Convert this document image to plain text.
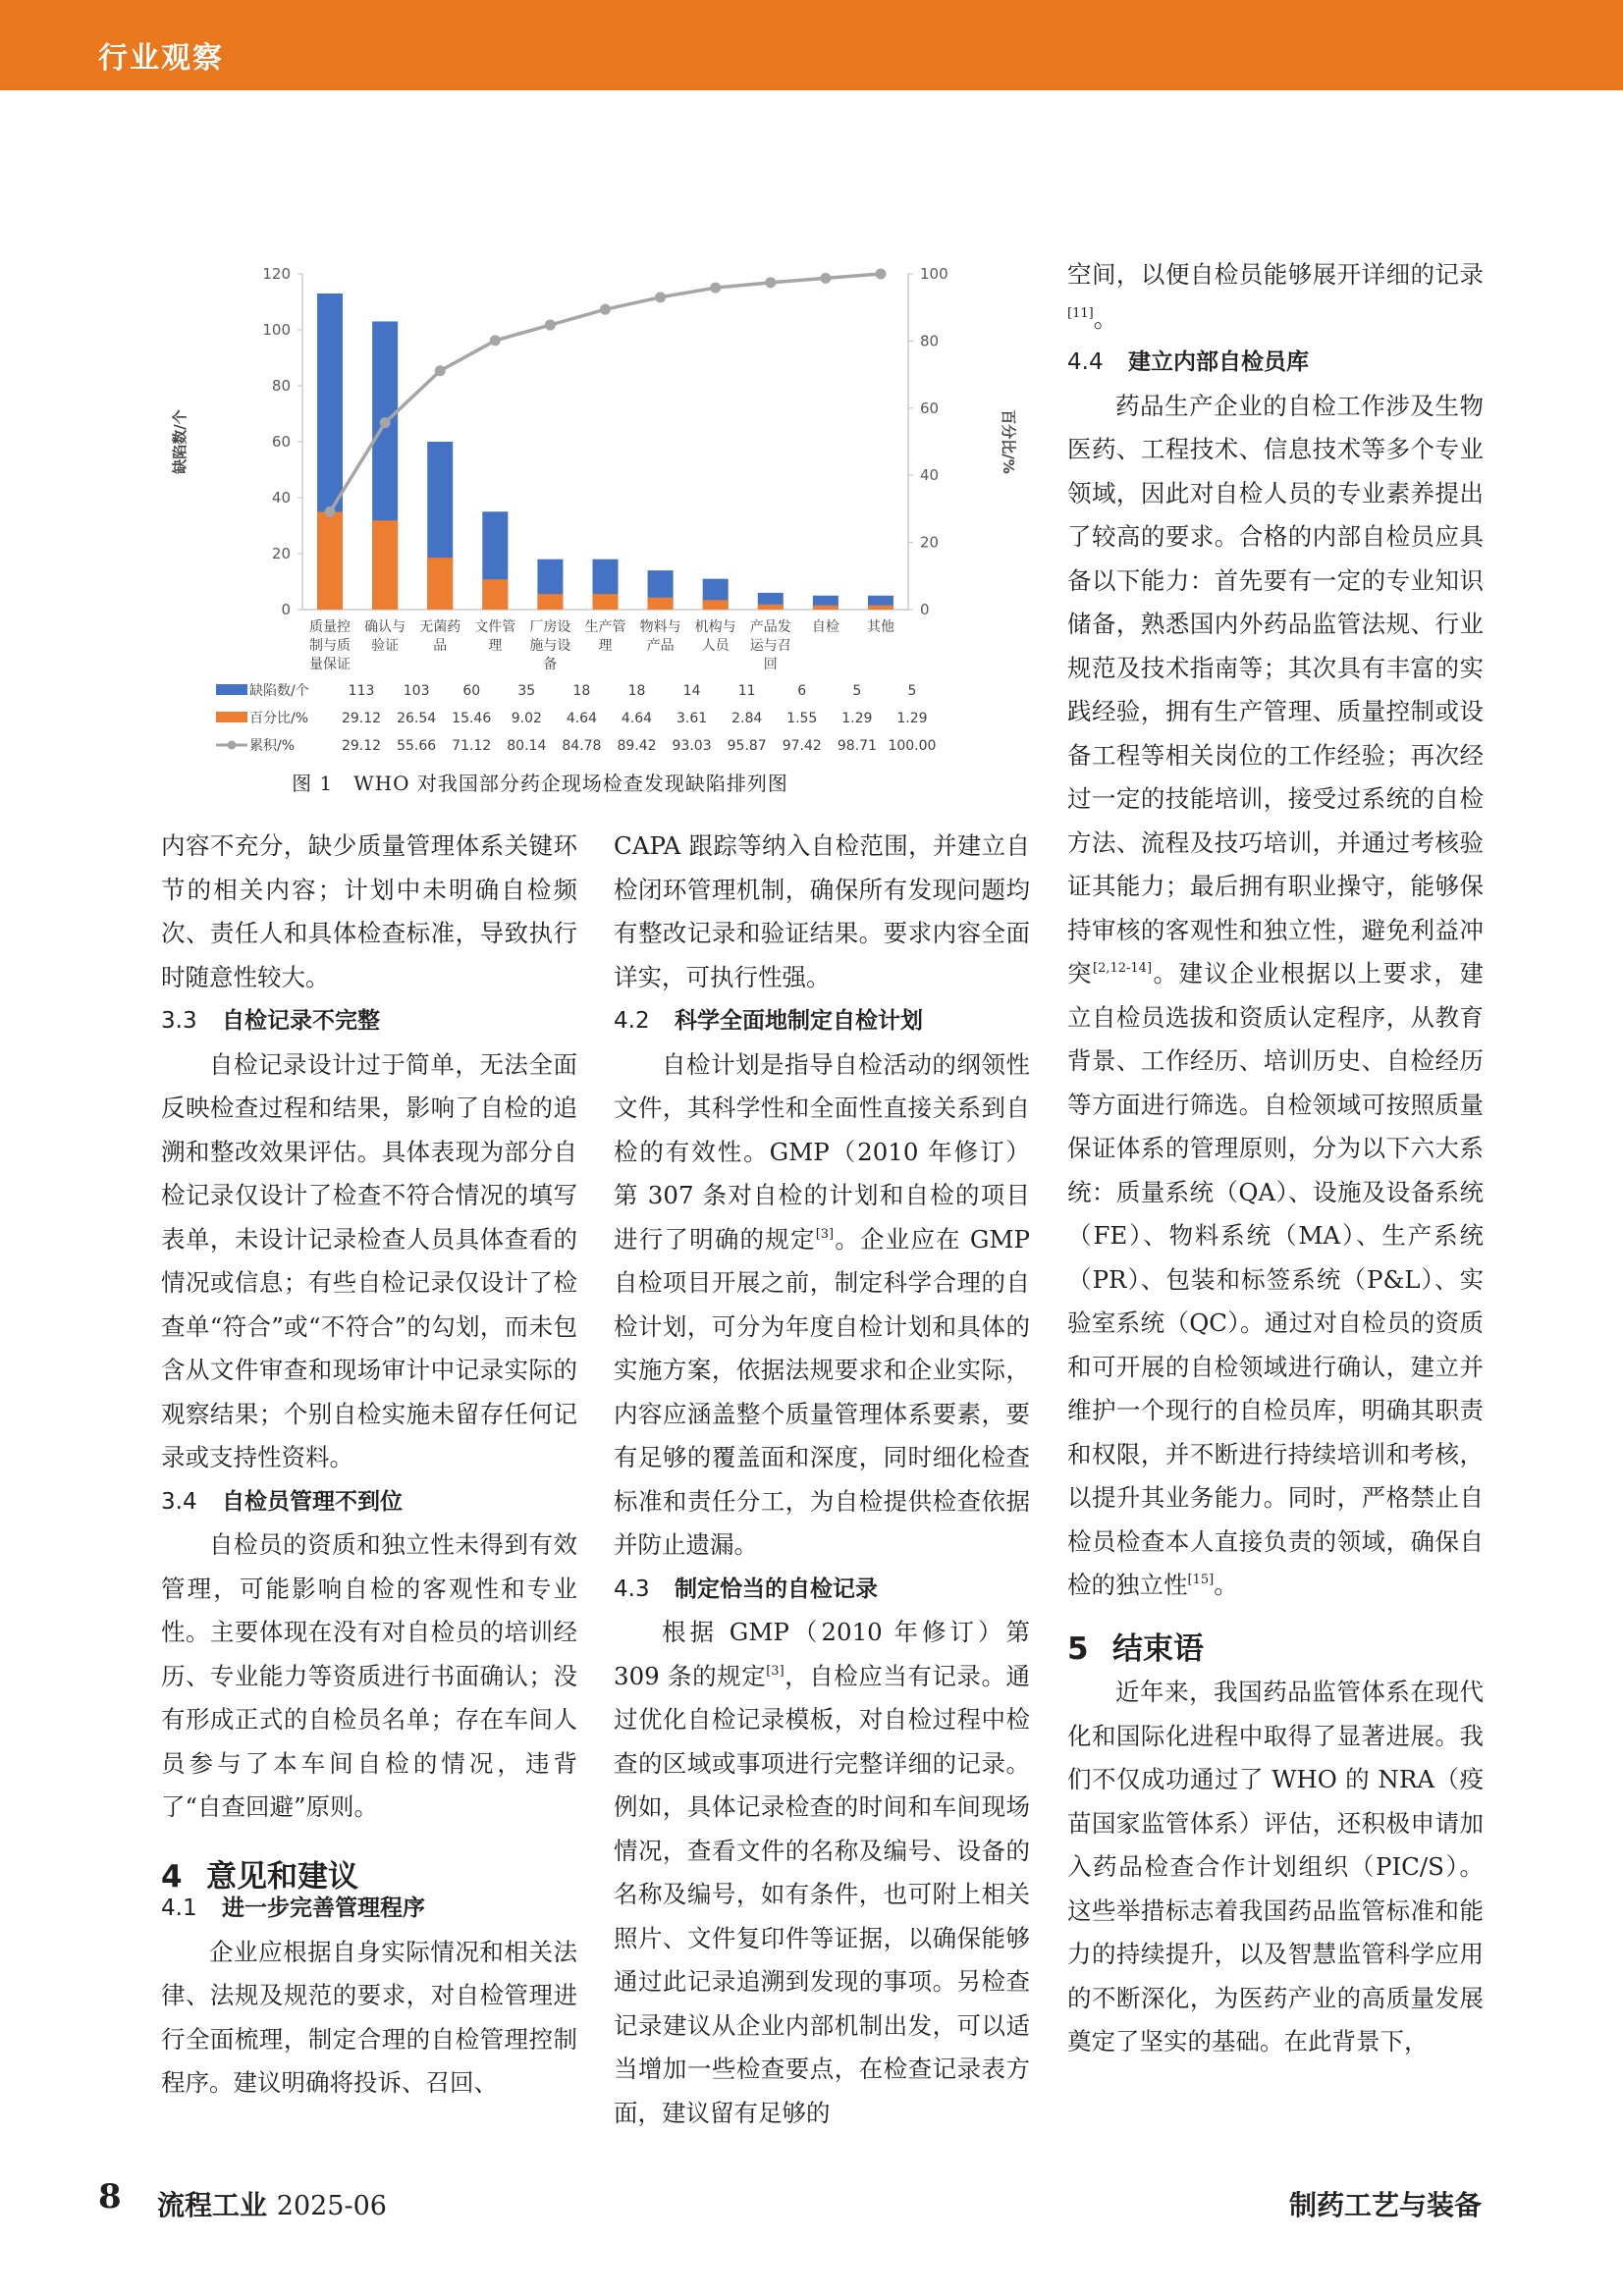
行业观察
0
20
40
60
80
100
120
0
20
40
60
80
100
缺陷数/个	百分比/%
质量控
制与质
量保证
确认与
验证
无菌药
品
文件管
理
厂房设
施与设
备
生产管
理
物料与
产品
机构与
人员
产品发
运与召
回
自检 其他
缺陷数/个	113 103 60	35	18	18	14	11	6	5	5
百分比/% 29.12 26.54 15.46 9.02 4.64 4.64 3.61 2.84 1.55 1.29 1.29
累积/%	29.12 55.66 71.12 80.14 84.78 89.42 93.03 95.87 97.42 98.71 100.00
图 1　WHO 对我国部分药企现场检查发现缺陷排列图

内容不充分，缺少质量管理体系关键环节的相关内容；计划中未明确自检频次、责任人和具体检查标准，导致执行时随意性较大。

3.3 自检记录不完整

自检记录设计过于简单，无法全面反映检查过程和结果，影响了自检的追溯和整改效果评估。具体表现为部分自检记录仅设计了检查不符合情况的填写表单，未设计记录检查人员具体查看的情况或信息；有些自检记录仅设计了检查单“符合”或“不符合”的勾划，而未包含从文件审查和现场审计中记录实际的观察结果；个别自检实施未留存任何记录或支持性资料。

3.4 自检员管理不到位

自检员的资质和独立性未得到有效管理，可能影响自检的客观性和专业性。主要体现在没有对自检员的培训经历、专业能力等资质进行书面确认；没有形成正式的自检员名单；存在车间人员参与了本车间自检的情况，违背了“自查回避”原则。

4 意见和建议
4.1 进一步完善管理程序

企业应根据自身实际情况和相关法律、法规及规范的要求，对自检管理进行全面梳理，制定合理的自检管理控制程序。建议明确将投诉、召回、

CAPA 跟踪等纳入自检范围，并建立自检闭环管理机制，确保所有发现问题均有整改记录和验证结果。要求内容全面详实，可执行性强。

4.2 科学全面地制定自检计划

自检计划是指导自检活动的纲领性文件，其科学性和全面性直接关系到自检的有效性。GMP（2010 年修订）第 307 条对自检的计划和自检的项目进行了明确的规定[3]。企业应在 GMP 自检项目开展之前，制定科学合理的自检计划，可分为年度自检计划和具体的实施方案，依据法规要求和企业实际，内容应涵盖整个质量管理体系要素，要有足够的覆盖面和深度，同时细化检查标准和责任分工，为自检提供检查依据并防止遗漏。

4.3 制定恰当的自检记录

根据 GMP（2010 年修订）第 309 条的规定[3]，自检应当有记录。通过优化自检记录模板，对自检过程中检查的区域或事项进行完整详细的记录。例如，具体记录检查的时间和车间现场情况，查看文件的名称及编号、设备的名称及编号，如有条件，也可附上相关照片、文件复印件等证据，以确保能够通过此记录追溯到发现的事项。另检查记录建议从企业内部机制出发，可以适当增加一些检查要点，在检查记录表方面，建议留有足够的

空间，以便自检员能够展开详细的记录[11]。

4.4 建立内部自检员库

药品生产企业的自检工作涉及生物医药、工程技术、信息技术等多个专业领域，因此对自检人员的专业素养提出了较高的要求。合格的内部自检员应具备以下能力：首先要有一定的专业知识储备，熟悉国内外药品监管法规、行业规范及技术指南等；其次具有丰富的实践经验，拥有生产管理、质量控制或设备工程等相关岗位的工作经验；再次经过一定的技能培训，接受过系统的自检方法、流程及技巧培训，并通过考核验证其能力；最后拥有职业操守，能够保持审核的客观性和独立性，避免利益冲突[2,12-14]。建议企业根据以上要求，建立自检员选拔和资质认定程序，从教育背景、工作经历、培训历史、自检经历等方面进行筛选。自检领域可按照质量保证体系的管理原则，分为以下六大系统：质量系统（QA）、设施及设备系统（FE）、物料系统（MA）、生产系统（PR）、包装和标签系统（P&L）、实验室系统（QC）。通过对自检员的资质和可开展的自检领域进行确认，建立并维护一个现行的自检员库，明确其职责和权限，并不断进行持续培训和考核，以提升其业务能力。同时，严格禁止自检员检查本人直接负责的领域，确保自检的独立性[15]。

5 结束语

近年来，我国药品监管体系在现代化和国际化进程中取得了显著进展。我们不仅成功通过了 WHO 的 NRA（疫苗国家监管体系）评估，还积极申请加入药品检查合作计划组织（PIC/S）。这些举措标志着我国药品监管标准和能力的持续提升，以及智慧监管科学应用的不断深化，为医药产业的高质量发展奠定了坚实的基础。在此背景下，

8 流程工业 2025-06	制药工艺与装备
